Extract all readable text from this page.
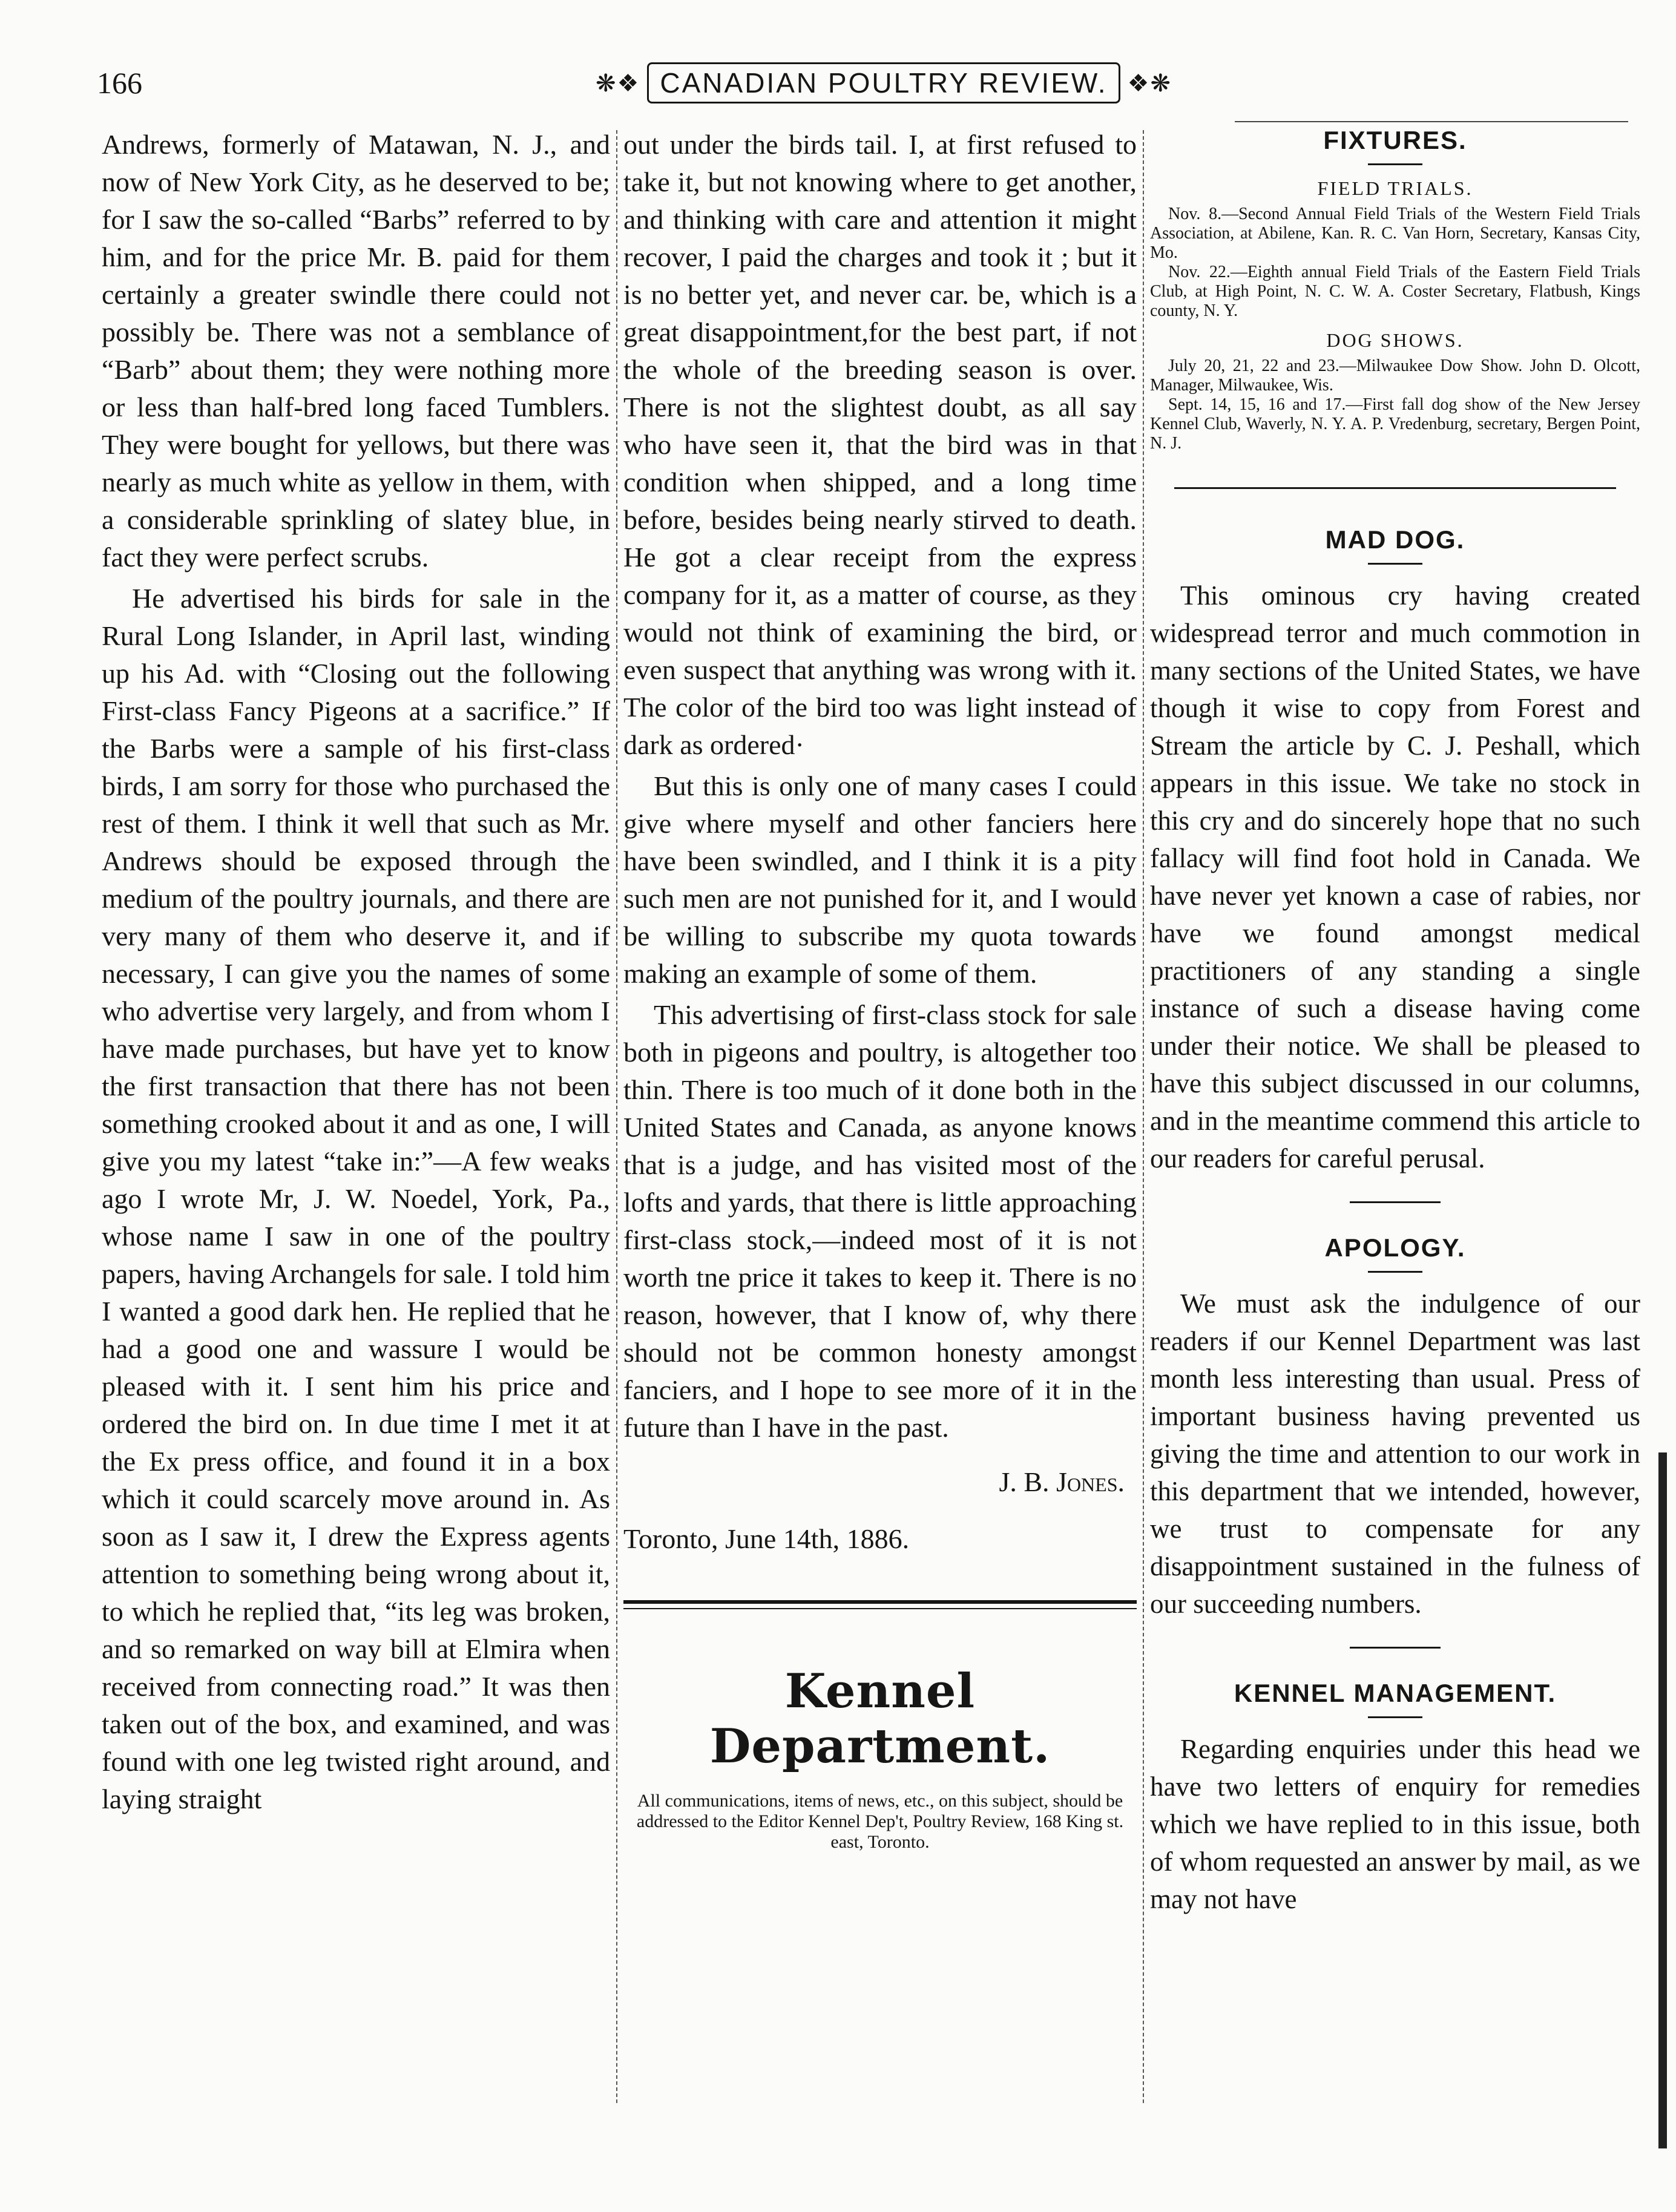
166	❋❖ CANADIAN POULTRY REVIEW. ❖❋

Andrews, formerly of Matawan, N. J., and now of New York City, as he deserved to be; for I saw the so-called “Barbs” referred to by him, and for the price Mr. B. paid for them certainly a greater swindle there could not possibly be. There was not a semblance of “Barb” about them; they were nothing more or less than half-bred long faced Tumblers. They were bought for yellows, but there was nearly as much white as yellow in them, with a considerable sprinkling of slatey blue, in fact they were perfect scrubs.

He advertised his birds for sale in the Rural Long Islander, in April last, winding up his Ad. with “Closing out the following First-class Fancy Pigeons at a sacrifice.” If the Barbs were a sample of his first-class birds, I am sorry for those who purchased the rest of them. I think it well that such as Mr. Andrews should be exposed through the medium of the poultry journals, and there are very many of them who deserve it, and if necessary, I can give you the names of some who advertise very largely, and from whom I have made purchases, but have yet to know the first transaction that there has not been something crooked about it and as one, I will give you my latest “take in:”—A few weaks ago I wrote Mr, J. W. Noedel, York, Pa., whose name I saw in one of the poultry papers, having Archangels for sale. I told him I wanted a good dark hen. He replied that he had a good one and wassure I would be pleased with it. I sent him his price and ordered the bird on. In due time I met it at the Ex press office, and found it in a box which it could scarcely move around in. As soon as I saw it, I drew the Express agents attention to something being wrong about it, to which he replied that, “its leg was broken, and so remarked on way bill at Elmira when received from connecting road.” It was then taken out of the box, and examined, and was found with one leg twisted right around, and laying straight

out under the birds tail. I, at first refused to take it, but not knowing where to get another, and thinking with care and attention it might recover, I paid the charges and took it ; but it is no better yet, and never car. be, which is a great disappointment,for the best part, if not the whole of the breeding season is over. There is not the slightest doubt, as all say who have seen it, that the bird was in that condition when shipped, and a long time before, besides being nearly stirved to death. He got a clear receipt from the express company for it, as a matter of course, as they would not think of examining the bird, or even suspect that anything was wrong with it. The color of the bird too was light instead of dark as ordered·

But this is only one of many cases I could give where myself and other fanciers here have been swindled, and I think it is a pity such men are not punished for it, and I would be willing to subscribe my quota towards making an example of some of them.

This advertising of first-class stock for sale both in pigeons and poultry, is altogether too thin. There is too much of it done both in the United States and Canada, as anyone knows that is a judge, and has visited most of the lofts and yards, that there is little approaching first-class stock,—indeed most of it is not worth tne price it takes to keep it. There is no reason, however, that I know of, why there should not be common honesty amongst fanciers, and I hope to see more of it in the future than I have in the past.

J. B. Jones.
Toronto, June 14th, 1886.
Kennel Department.
All communications, items of news, etc., on this subject, should be addressed to the Editor Kennel Dep't, Poultry Review, 168 King st. east, Toronto.
FIXTURES.
FIELD TRIALS.

Nov. 8.—Second Annual Field Trials of the Western Field Trials Association, at Abilene, Kan. R. C. Van Horn, Secretary, Kansas City, Mo.

Nov. 22.—Eighth annual Field Trials of the Eastern Field Trials Club, at High Point, N. C. W. A. Coster Secretary, Flatbush, Kings county, N. Y.

DOG SHOWS.

July 20, 21, 22 and 23.—Milwaukee Dow Show. John D. Olcott, Manager, Milwaukee, Wis.

Sept. 14, 15, 16 and 17.—First fall dog show of the New Jersey Kennel Club, Waverly, N. Y. A. P. Vredenburg, secretary, Bergen Point, N. J.

MAD DOG.

This ominous cry having created widespread terror and much commotion in many sections of the United States, we have though it wise to copy from Forest and Stream the article by C. J. Peshall, which appears in this issue. We take no stock in this cry and do sincerely hope that no such fallacy will find foot hold in Canada. We have never yet known a case of rabies, nor have we found amongst medical practitioners of any standing a single instance of such a disease having come under their notice. We shall be pleased to have this subject discussed in our columns, and in the meantime commend this article to our readers for careful perusal.

APOLOGY.

We must ask the indulgence of our readers if our Kennel Department was last month less interesting than usual. Press of important business having prevented us giving the time and attention to our work in this department that we intended, however, we trust to compensate for any disappointment sustained in the fulness of our succeeding numbers.

KENNEL MANAGEMENT.

Regarding enquiries under this head we have two letters of enquiry for remedies which we have replied to in this issue, both of whom requested an answer by mail, as we may not have
